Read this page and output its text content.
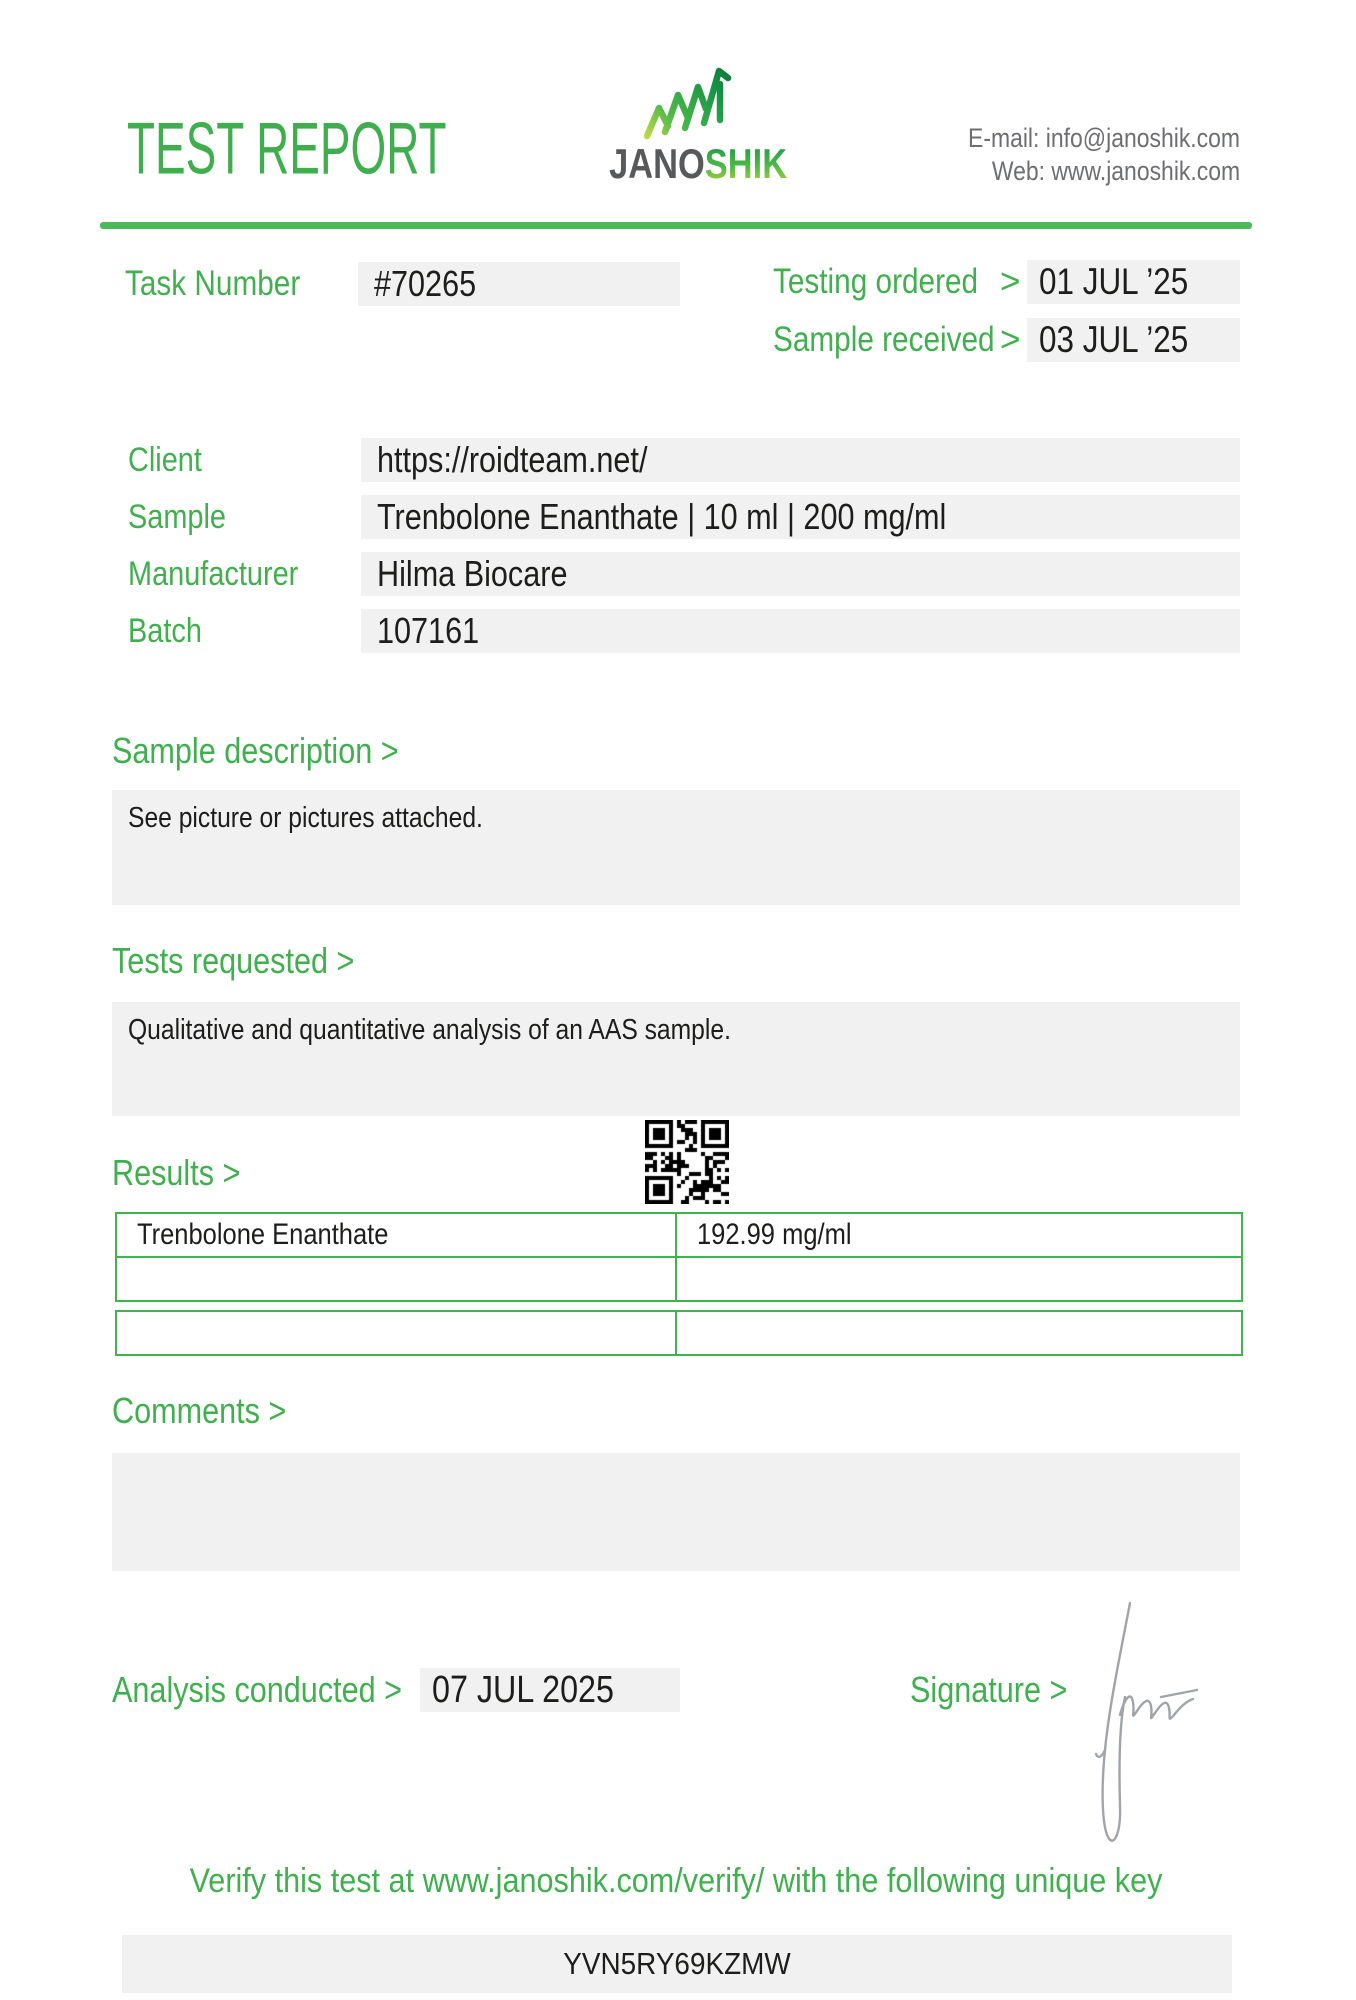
TEST REPORT	JANOSHIK
E-mail: info@janoshik.com
Web: www.janoshik.com
Task Number	#70265	Testing ordered > 01 JUL ’25
Sample received > 03 JUL ’25
Client	https://roidteam.net/
Sample	Trenbolone Enanthate | 10 ml | 200 mg/ml
Manufacturer	Hilma Biocare
Batch	107161
Sample description >
See picture or pictures attached.
Tests requested >
Qualitative and quantitative analysis of an AAS sample.
Results >
Trenbolone Enanthate	192.99 mg/ml
Comments >
Analysis conducted > 07 JUL 2025	Signature >
Verify this test at www.janoshik.com/verify/ with the following unique key
YVN5RY69KZMW
